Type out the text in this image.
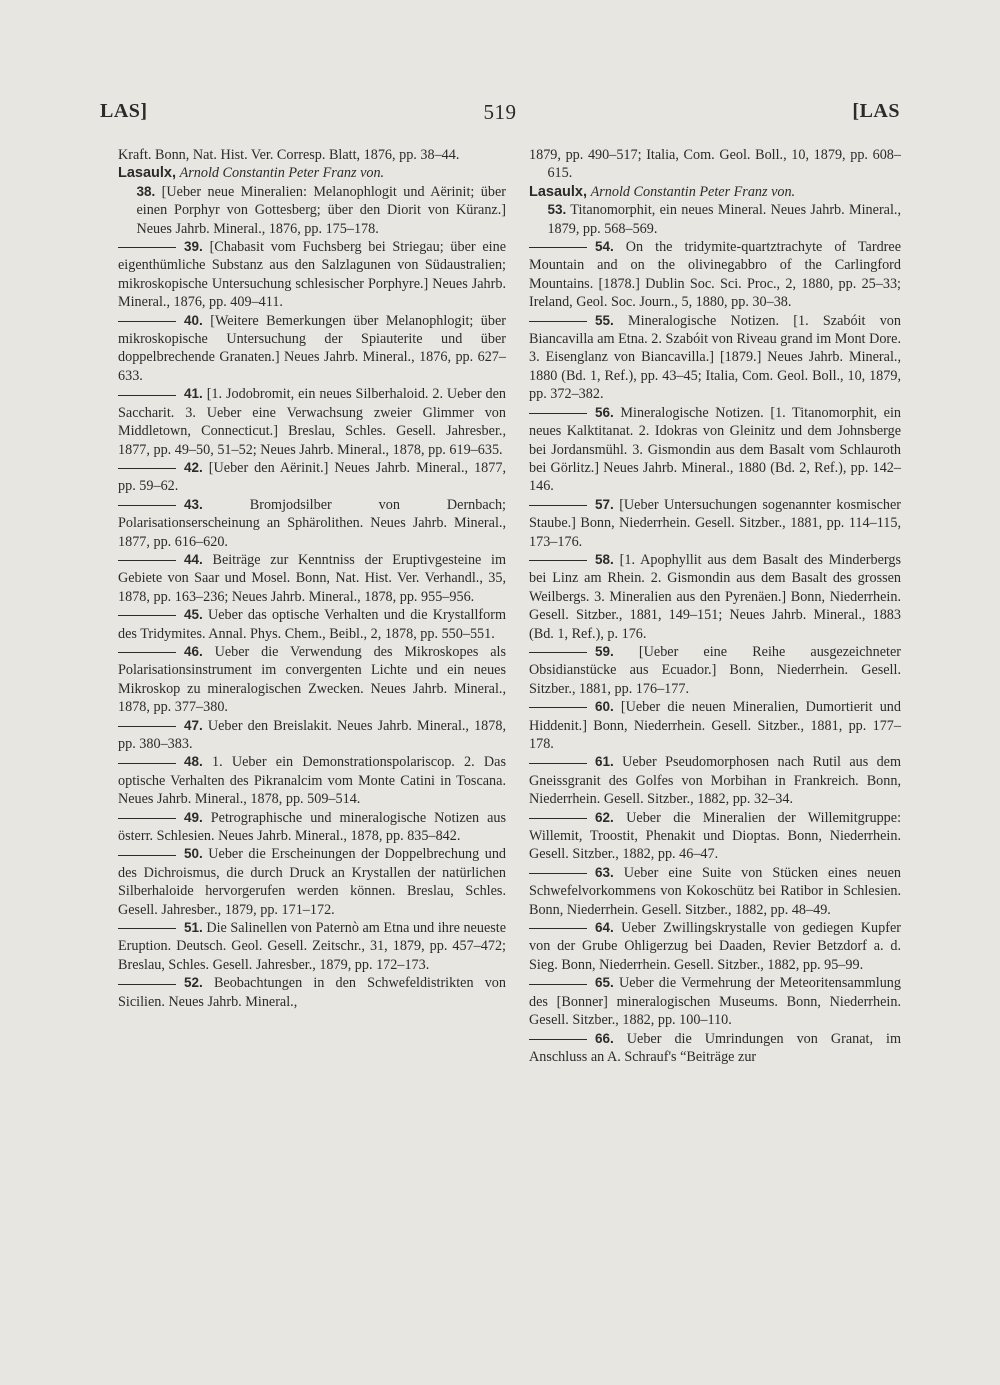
LAS]	519	[LAS

Kraft. Bonn, Nat. Hist. Ver. Corresp. Blatt, 1876, pp. 38–44.

Lasaulx, Arnold Constantin Peter Franz von.

38. [Ueber neue Mineralien: Melanophlogit und Aërinit; über einen Porphyr von Gottesberg; über den Diorit von Küranz.] Neues Jahrb. Mineral., 1876, pp. 175–178.

39. [Chabasit vom Fuchsberg bei Striegau; über eine eigenthümliche Substanz aus den Salzlagunen von Südaustralien; mikroskopische Untersuchung schlesischer Porphyre.] Neues Jahrb. Mineral., 1876, pp. 409–411.

40. [Weitere Bemerkungen über Melanophlogit; über mikroskopische Untersuchung der Spiauterite und über doppelbrechende Granaten.] Neues Jahrb. Mineral., 1876, pp. 627–633.

41. [1. Jodobromit, ein neues Silberhaloid. 2. Ueber den Saccharit. 3. Ueber eine Verwachsung zweier Glimmer von Middletown, Connecticut.] Breslau, Schles. Gesell. Jahresber., 1877, pp. 49–50, 51–52; Neues Jahrb. Mineral., 1878, pp. 619–635.

42. [Ueber den Aërinit.] Neues Jahrb. Mineral., 1877, pp. 59–62.

43.	Bromjodsilber von Dernbach; Polarisationserscheinung an Sphärolithen. Neues Jahrb. Mineral., 1877, pp. 616–620.

44. Beiträge zur Kenntniss der Eruptivgesteine im Gebiete von Saar und Mosel. Bonn, Nat. Hist. Ver. Verhandl., 35, 1878, pp. 163–236; Neues Jahrb. Mineral., 1878, pp. 955–956.

45. Ueber das optische Verhalten und die Krystallform des Tridymites. Annal. Phys. Chem., Beibl., 2, 1878, pp. 550–551.

46. Ueber die Verwendung des Mikroskopes als Polarisationsinstrument im convergenten Lichte und ein neues Mikroskop zu mineralogischen Zwecken. Neues Jahrb. Mineral., 1878, pp. 377–380.

47. Ueber den Breislakit. Neues Jahrb. Mineral., 1878, pp. 380–383.

48. 1. Ueber ein Demonstrationspolariscop. 2. Das optische Verhalten des Pikranalcim vom Monte Catini in Toscana. Neues Jahrb. Mineral., 1878, pp. 509–514.

49. Petrographische und mineralogische Notizen aus österr. Schlesien. Neues Jahrb. Mineral., 1878, pp. 835–842.

50. Ueber die Erscheinungen der Doppelbrechung und des Dichroismus, die durch Druck an Krystallen der natürlichen Silberhaloide hervorgerufen werden können. Breslau, Schles. Gesell. Jahresber., 1879, pp. 171–172.

51. Die Salinellen von Paternò am Etna und ihre neueste Eruption. Deutsch. Geol. Gesell. Zeitschr., 31, 1879, pp. 457–472; Breslau, Schles. Gesell. Jahresber., 1879, pp. 172–173.

52. Beobachtungen in den Schwefeldistrikten von Sicilien. Neues Jahrb. Mineral.,

1879, pp. 490–517; Italia, Com. Geol. Boll., 10, 1879, pp. 608–615.

Lasaulx, Arnold Constantin Peter Franz von.

53. Titanomorphit, ein neues Mineral. Neues Jahrb. Mineral., 1879, pp. 568–569.

54. On the tridymite-quartztrachyte of Tardree Mountain and on the olivinegabbro of the Carlingford Mountains. [1878.] Dublin Soc. Sci. Proc., 2, 1880, pp. 25–33; Ireland, Geol. Soc. Journ., 5, 1880, pp. 30–38.

55. Mineralogische Notizen. [1. Szabóit von Biancavilla am Etna. 2. Szabóit von Riveau grand im Mont Dore. 3. Eisenglanz von Biancavilla.] [1879.] Neues Jahrb. Mineral., 1880 (Bd. 1, Ref.), pp. 43–45; Italia, Com. Geol. Boll., 10, 1879, pp. 372–382.

56. Mineralogische Notizen. [1. Titanomorphit, ein neues Kalktitanat. 2. Idokras von Gleinitz und dem Johnsberge bei Jordansmühl. 3. Gismondin aus dem Basalt vom Schlauroth bei Görlitz.] Neues Jahrb. Mineral., 1880 (Bd. 2, Ref.), pp. 142–146.

57. [Ueber Untersuchungen sogenannter kosmischer Staube.] Bonn, Niederrhein. Gesell. Sitzber., 1881, pp. 114–115, 173–176.

58. [1. Apophyllit aus dem Basalt des Minderbergs bei Linz am Rhein. 2. Gismondin aus dem Basalt des grossen Weilbergs. 3. Mineralien aus den Pyrenäen.] Bonn, Niederrhein. Gesell. Sitzber., 1881, 149–151; Neues Jahrb. Mineral., 1883 (Bd. 1, Ref.), p. 176.

59. [Ueber eine Reihe ausgezeichneter Obsidianstücke aus Ecuador.] Bonn, Niederrhein. Gesell. Sitzber., 1881, pp. 176–177.

60. [Ueber die neuen Mineralien, Dumortierit und Hiddenit.] Bonn, Niederrhein. Gesell. Sitzber., 1881, pp. 177–178.

61. Ueber Pseudomorphosen nach Rutil aus dem Gneissgranit des Golfes von Morbihan in Frankreich. Bonn, Niederrhein. Gesell. Sitzber., 1882, pp. 32–34.

62. Ueber die Mineralien der Willemitgruppe: Willemit, Troostit, Phenakit und Dioptas. Bonn, Niederrhein. Gesell. Sitzber., 1882, pp. 46–47.

63. Ueber eine Suite von Stücken eines neuen Schwefelvorkommens von Kokoschütz bei Ratibor in Schlesien. Bonn, Niederrhein. Gesell. Sitzber., 1882, pp. 48–49.

64. Ueber Zwillingskrystalle von gediegen Kupfer von der Grube Ohligerzug bei Daaden, Revier Betzdorf a. d. Sieg. Bonn, Niederrhein. Gesell. Sitzber., 1882, pp. 95–99.

65. Ueber die Vermehrung der Meteoritensammlung des [Bonner] mineralogischen Museums. Bonn, Niederrhein. Gesell. Sitzber., 1882, pp. 100–110.

66. Ueber die Umrindungen von Granat, im Anschluss an A. Schrauf's “Beiträge zur
